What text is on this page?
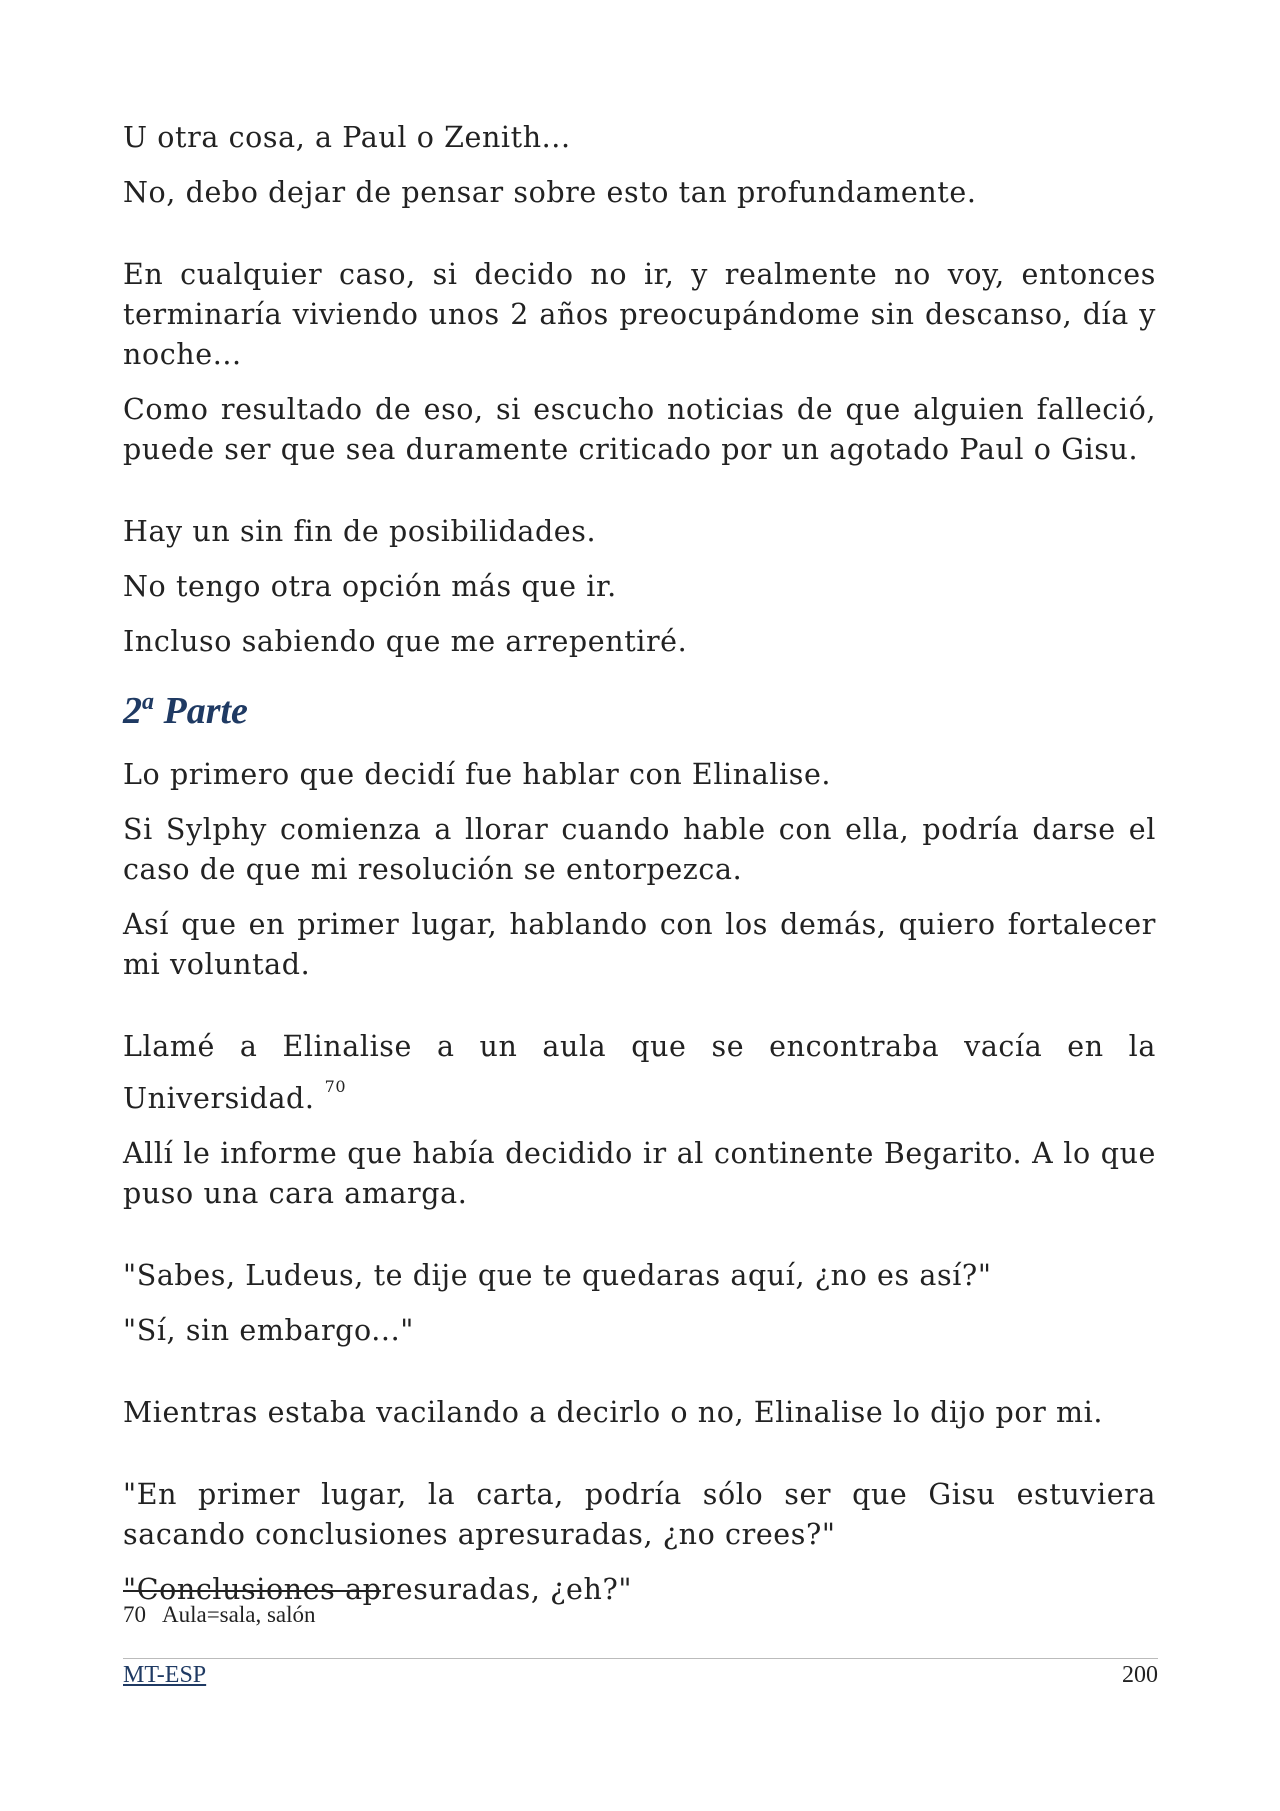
U otra cosa, a Paul o Zenith...

No, debo dejar de pensar sobre esto tan profundamente.

En cualquier caso, si decido no ir, y realmente no voy, entonces terminaría viviendo unos 2 años preocupándome sin descanso, día y noche...

Como resultado de eso, si escucho noticias de que alguien falleció, puede ser que sea duramente criticado por un agotado Paul o Gisu.

Hay un sin fin de posibilidades.

No tengo otra opción más que ir.

Incluso sabiendo que me arrepentiré.

2$^a$ Parte

Lo primero que decidí fue hablar con Elinalise.

Si Sylphy comienza a llorar cuando hable con ella, podría darse el caso de que mi resolución se entorpezca.

Así que en primer lugar, hablando con los demás, quiero fortalecer mi voluntad.

Llamé a Elinalise a un aula que se encontraba vacía en la Universidad. $^{70}$

Allí le informe que había decidido ir al continente Begarito. A lo que puso una cara amarga.

"Sabes, Ludeus, te dije que te quedaras aquí, ¿no es así?"

"Sí, sin embargo..."

Mientras estaba vacilando a decirlo o no, Elinalise lo dijo por mi.

"En primer lugar, la carta, podría sólo ser que Gisu estuviera sacando conclusiones apresuradas, ¿no crees?"

"Conclusiones apresuradas, ¿eh?"

70 Aula=sala, salón
MT-ESP	200
